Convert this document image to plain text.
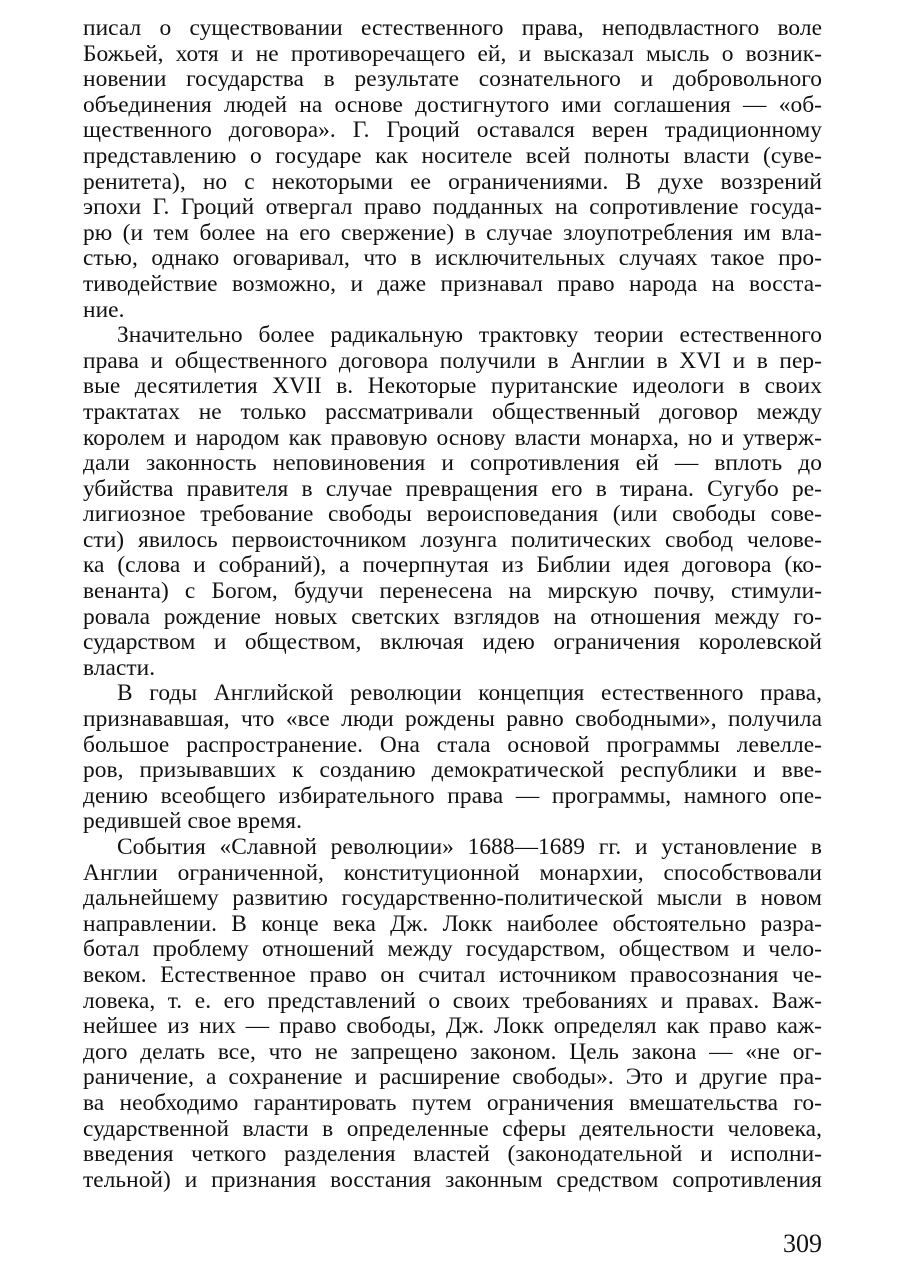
писал о существовании естественного права, неподвластного воле
Божьей, хотя и не противоречащего ей, и высказал мысль о возник-
новении государства в результате сознательного и добровольного
объединения людей на основе достигнутого ими соглашения — «об-
щественного договора». Г. Гроций оставался верен традиционному
представлению о государе как носителе всей полноты власти (суве-
ренитета), но с некоторыми ее ограничениями. В духе воззрений
эпохи Г. Гроций отвергал право подданных на сопротивление госуда-
рю (и тем более на его свержение) в случае злоупотребления им вла-
стью, однако оговаривал, что в исключительных случаях такое про-
тиводействие возможно, и даже признавал право народа на восста-
ние.
Значительно более радикальную трактовку теории естественного
права и общественного договора получили в Англии в XVI и в пер-
вые десятилетия XVII в. Некоторые пуританские идеологи в своих
трактатах не только рассматривали общественный договор между
королем и народом как правовую основу власти монарха, но и утверж-
дали законность неповиновения и сопротивления ей — вплоть до
убийства правителя в случае превращения его в тирана. Сугубо ре-
лигиозное требование свободы вероисповедания (или свободы сове-
сти) явилось первоисточником лозунга политических свобод челове-
ка (слова и собраний), а почерпнутая из Библии идея договора (ко-
венанта) с Богом, будучи перенесена на мирскую почву, стимули-
ровала рождение новых светских взглядов на отношения между го-
сударством и обществом, включая идею ограничения королевской
власти.
В годы Английской революции концепция естественного права,
признававшая, что «все люди рождены равно свободными», получила
большое распространение. Она стала основой программы левелле-
ров, призывавших к созданию демократической республики и вве-
дению всеобщего избирательного права — программы, намного опе-
редившей свое время.
События «Славной революции» 1688—1689 гг. и установление в
Англии ограниченной, конституционной монархии, способствовали
дальнейшему развитию государственно-политической мысли в новом
направлении. В конце века Дж. Локк наиболее обстоятельно разра-
ботал проблему отношений между государством, обществом и чело-
веком. Естественное право он считал источником правосознания че-
ловека, т. е. его представлений о своих требованиях и правах. Важ-
нейшее из них — право свободы, Дж. Локк определял как право каж-
дого делать все, что не запрещено законом. Цель закона — «не ог-
раничение, а сохранение и расширение свободы». Это и другие пра-
ва необходимо гарантировать путем ограничения вмешательства го-
сударственной власти в определенные сферы деятельности человека,
введения четкого разделения властей (законодательной и исполни-
тельной) и признания восстания законным средством сопротивления
309
